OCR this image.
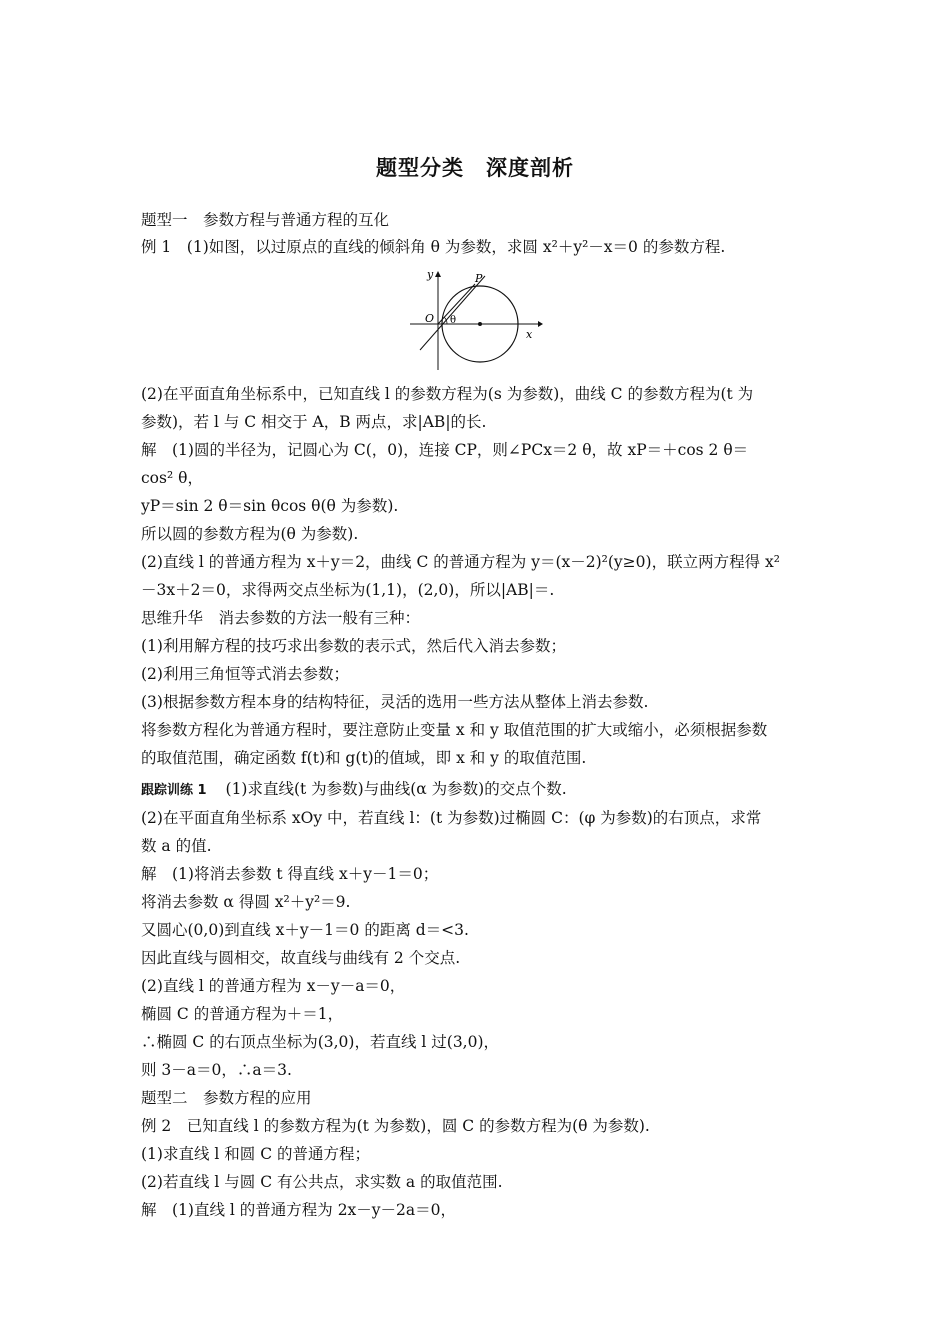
题型分类　深度剖析
题型一　参数方程与普通方程的互化
例 1　(1)如图，以过原点的直线的倾斜角 θ 为参数，求圆 x²＋y²－x＝0 的参数方程.
y
x
O
P
θ
(2)在平面直角坐标系中，已知直线 l 的参数方程为(s 为参数)，曲线 C 的参数方程为(t 为
参数)，若 l 与 C 相交于 A，B 两点，求|AB|的长.
解　(1)圆的半径为，记圆心为 C(，0)，连接 CP，则∠PCx＝2 θ，故 xP＝＋cos 2 θ＝
cos² θ，
yP＝sin 2 θ＝sin θcos θ(θ 为参数).
所以圆的参数方程为(θ 为参数).
(2)直线 l 的普通方程为 x＋y＝2，曲线 C 的普通方程为 y＝(x－2)²(y≥0)，联立两方程得 x²
－3x＋2＝0，求得两交点坐标为(1,1)，(2,0)，所以|AB|＝.
思维升华　消去参数的方法一般有三种：
(1)利用解方程的技巧求出参数的表示式，然后代入消去参数；
(2)利用三角恒等式消去参数；
(3)根据参数方程本身的结构特征，灵活的选用一些方法从整体上消去参数.
将参数方程化为普通方程时，要注意防止变量 x 和 y 取值范围的扩大或缩小，必须根据参数
的取值范围，确定函数 f(t)和 g(t)的值域，即 x 和 y 的取值范围.
跟踪训练 1 (1)求直线(t 为参数)与曲线(α 为参数)的交点个数.
(2)在平面直角坐标系 xOy 中，若直线 l：(t 为参数)过椭圆 C：(φ 为参数)的右顶点，求常
数 a 的值.
解　(1)将消去参数 t 得直线 x＋y－1＝0；
将消去参数 α 得圆 x²＋y²＝9.
又圆心(0,0)到直线 x＋y－1＝0 的距离 d＝<3.
因此直线与圆相交，故直线与曲线有 2 个交点.
(2)直线 l 的普通方程为 x－y－a＝0，
椭圆 C 的普通方程为＋＝1，
∴椭圆 C 的右顶点坐标为(3,0)，若直线 l 过(3,0)，
则 3－a＝0，∴a＝3.
题型二　参数方程的应用
例 2　已知直线 l 的参数方程为(t 为参数)，圆 C 的参数方程为(θ 为参数).
(1)求直线 l 和圆 C 的普通方程；
(2)若直线 l 与圆 C 有公共点，求实数 a 的取值范围.
解　(1)直线 l 的普通方程为 2x－y－2a＝0，
